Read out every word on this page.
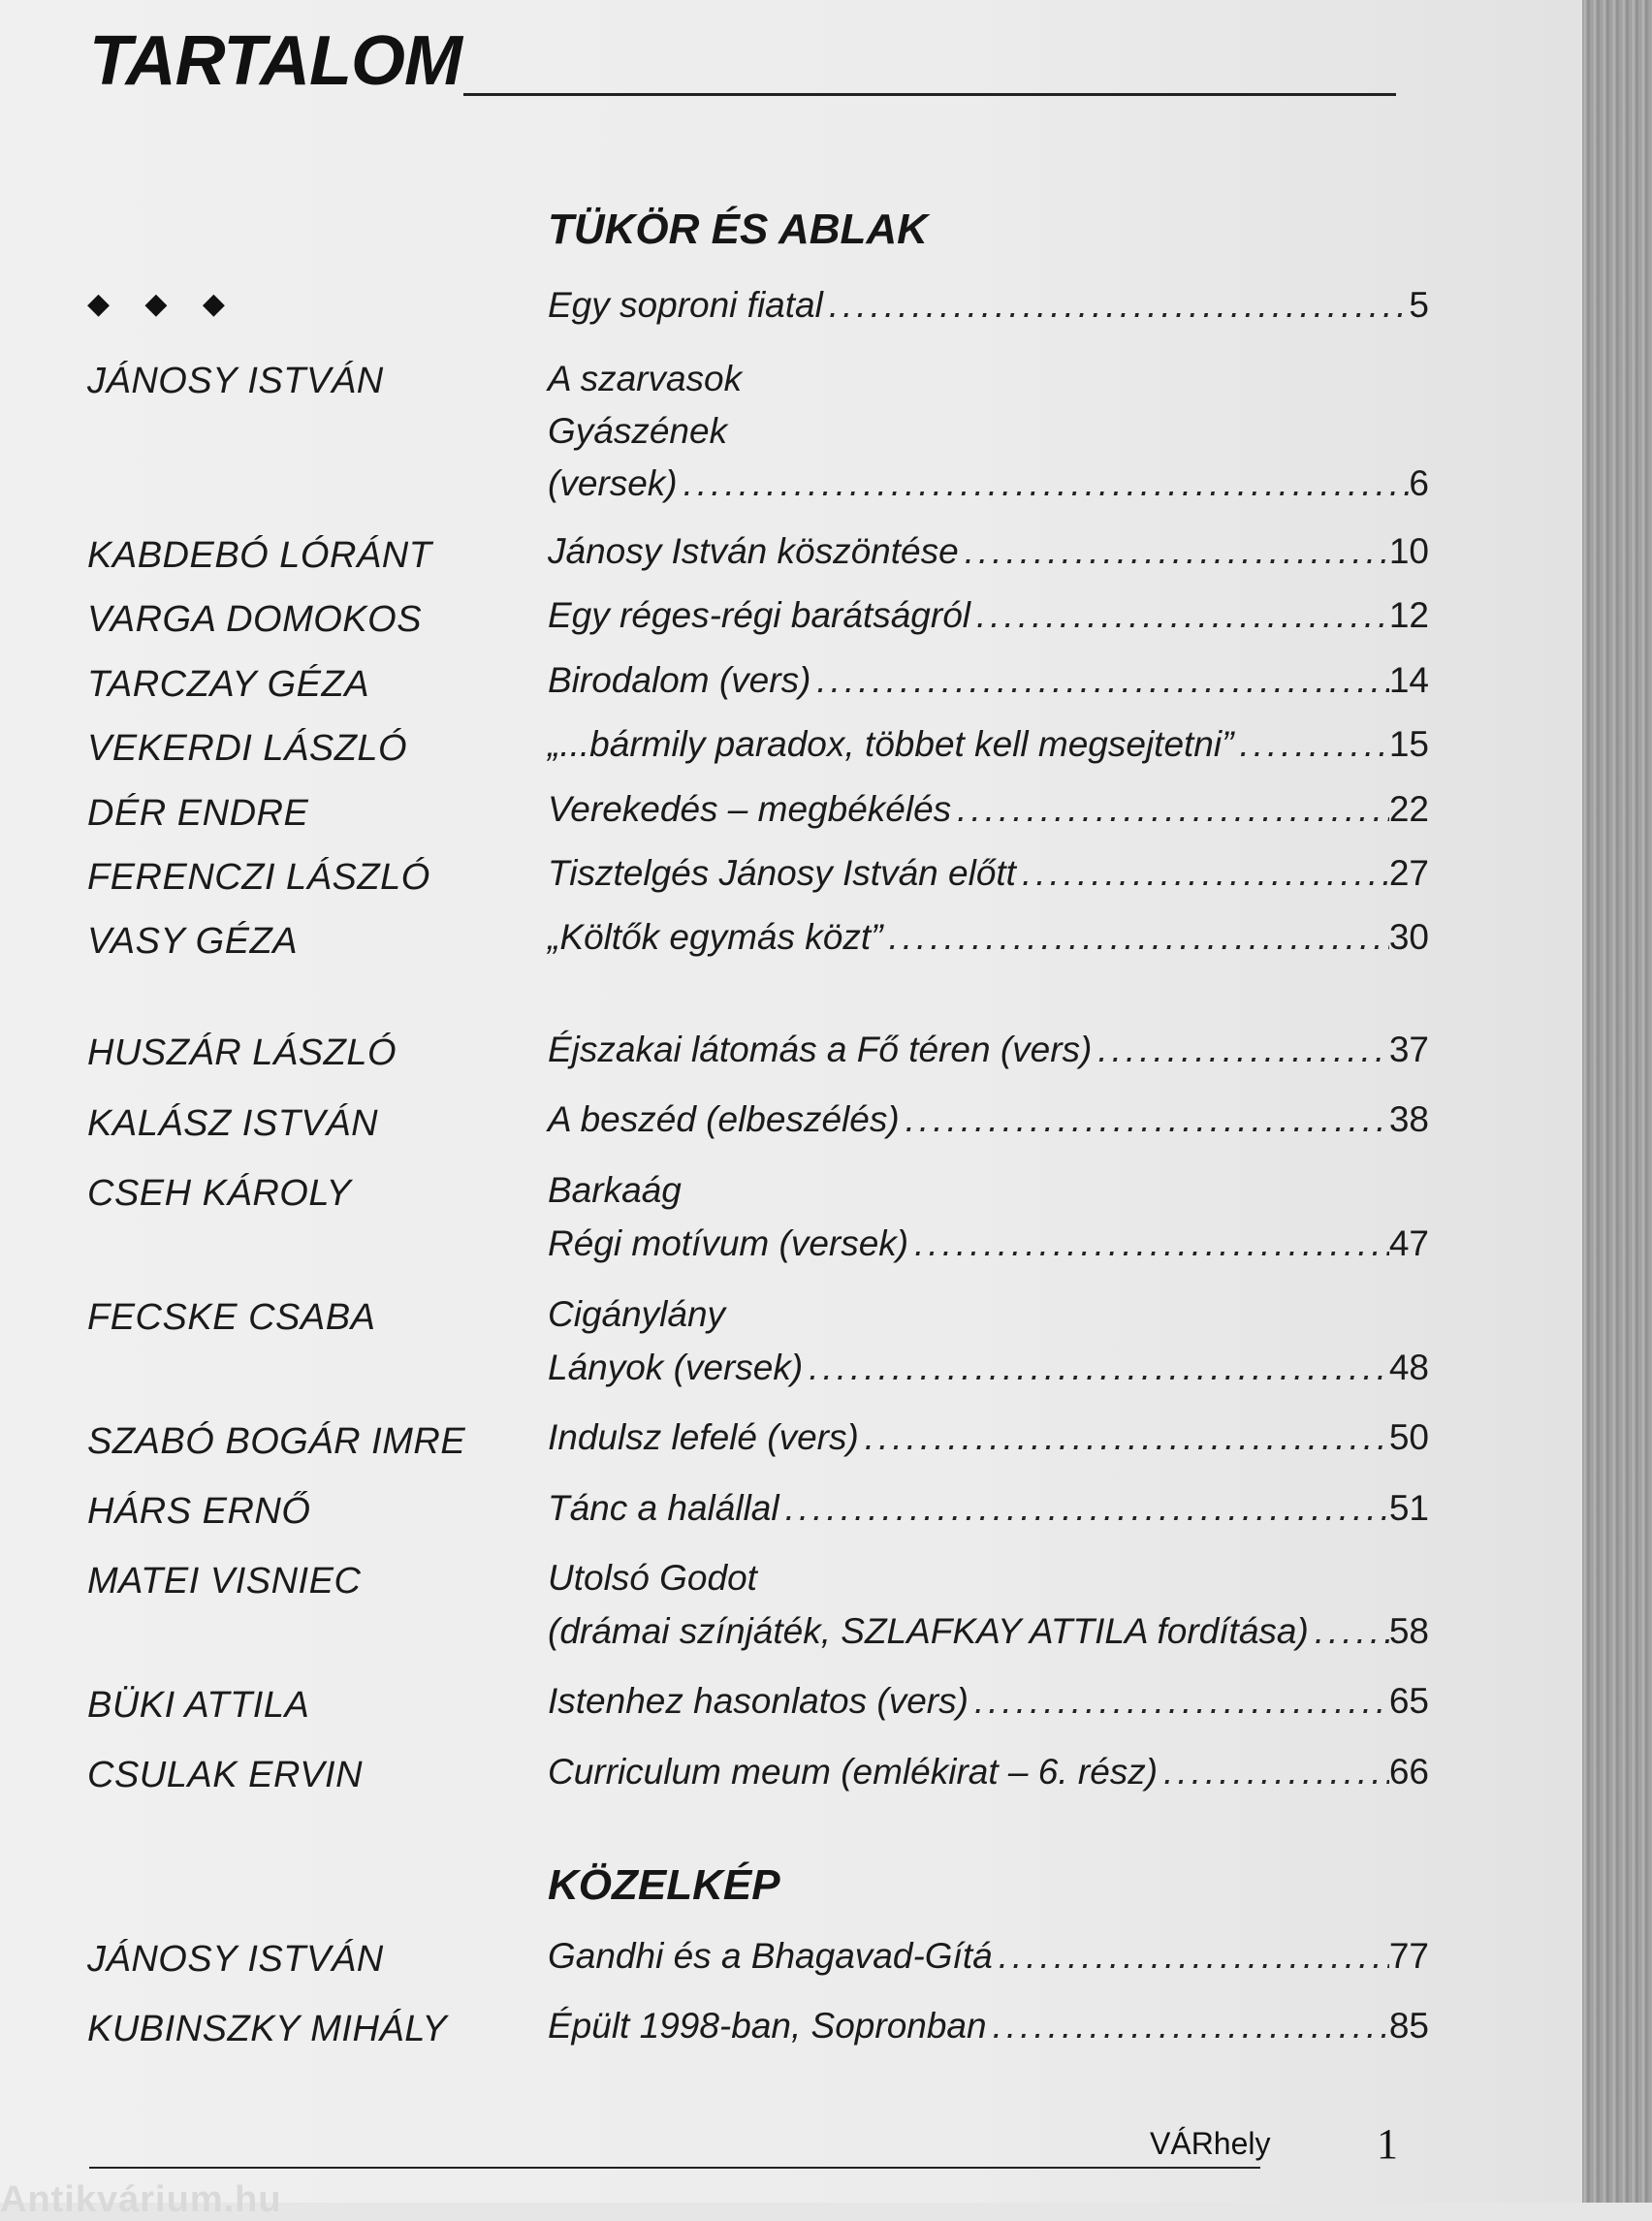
TARTALOM
TÜKÖR ÉS ABLAK
◆ ◆ ◆	Egy soproni fiatal .....	5
JÁNOSY ISTVÁN	A szarvasok
Gyászének
(versek) .....	6
KABDEBÓ LÓRÁNT	Jánosy István köszöntése .....	10
VARGA DOMOKOS	Egy réges-régi barátságról .....	12
TARCZAY GÉZA	Birodalom (vers) .....	14
VEKERDI LÁSZLÓ	„...bármily paradox, többet kell megsejtetni” .....	15
DÉR ENDRE	Verekedés – megbékélés .....	22
FERENCZI LÁSZLÓ	Tisztelgés Jánosy István előtt .....	27
VASY GÉZA	„Költők egymás közt” .....	30
HUSZÁR LÁSZLÓ	Éjszakai látomás a Fő téren (vers) .....	37
KALÁSZ ISTVÁN	A beszéd (elbeszélés) .....	38
CSEH KÁROLY	Barkaág
Régi motívum (versek) .....	47
FECSKE CSABA	Cigánylány
Lányok (versek) .....	48
SZABÓ BOGÁR IMRE Indulsz lefelé (vers) .....	50
HÁRS ERNŐ	Tánc a halállal .....	51
MATEI VISNIEC	Utolsó Godot
(drámai színjáték, SZLAFKAY ATTILA fordítása) ..... 58
BÜKI ATTILA	Istenhez hasonlatos (vers) .....	65
CSULAK ERVIN	Curriculum meum (emlékirat – 6. rész) .....	66
KÖZELKÉP
JÁNOSY ISTVÁN	Gandhi és a Bhagavad-Gítá .....	77
KUBINSZKY MIHÁLY	Épült 1998-ban, Sopronban .....	85
VÁRhely 1
Antikvárium.hu
